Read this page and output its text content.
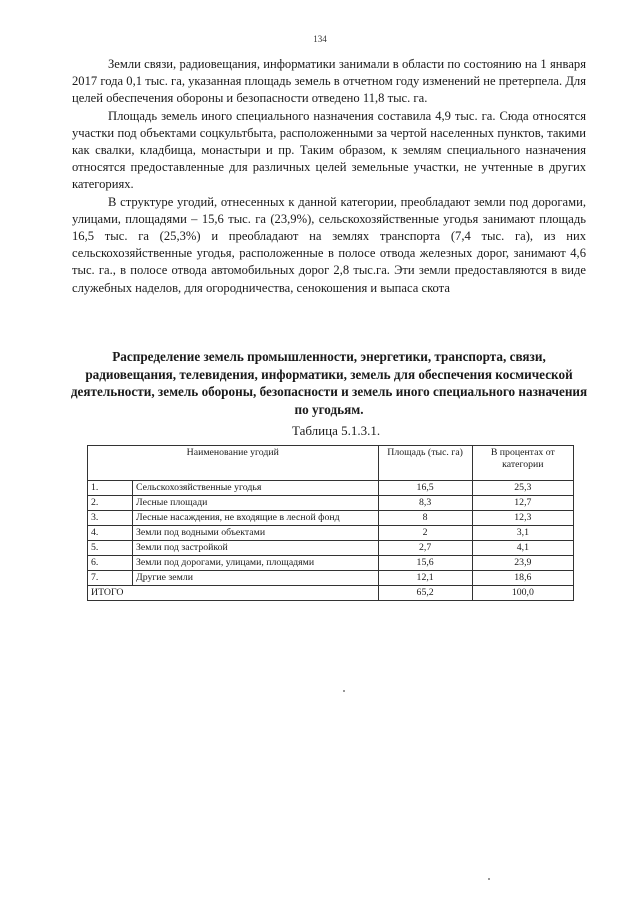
134

Земли связи, радиовещания, информатики занимали в области по состоянию на 1 января 2017 года 0,1 тыс. га, указанная площадь земель в отчетном году изменений не претерпела. Для целей обеспечения обороны и безопасности отведено 11,8 тыс. га.

Площадь земель иного специального назначения составила 4,9 тыс. га. Сюда относятся участки под объектами соцкультбыта, расположенными за чертой населенных пунктов, такими как свалки, кладбища, монастыри и пр. Таким образом, к землям специального назначения относятся предоставленные для различных целей земельные участки, не учтенные в других категориях.

В структуре угодий, отнесенных к данной категории, преобладают земли под дорогами, улицами, площадями – 15,6 тыс. га (23,9%), сельскохозяйственные угодья занимают площадь 16,5 тыс. га (25,3%) и преобладают на землях транспорта (7,4 тыс. га), из них сельскохозяйственные угодья, расположенные в полосе отвода железных дорог, занимают 4,6 тыс. га., в полосе отвода автомобильных дорог 2,8 тыс.га. Эти земли предоставляются в виде служебных наделов, для огородничества, сенокошения и выпаса скота

Распределение земель промышленности, энергетики, транспорта, связи, радиовещания, телевидения, информатики, земель для обеспечения космической деятельности, земель обороны, безопасности и земель иного специального назначения по угодьям.
Таблица 5.1.3.1.
Наименование угодий		Площадь (тыс. га)	В процентах от категории
1.	Сельскохозяйственные угодья	16,5	25,3
2.	Лесные площади	8,3	12,7
3.	Лесные насаждения, не входящие в лесной фонд	8	12,3
4.	Земли под водными объектами	2	3,1
5.	Земли под застройкой	2,7	4,1
6.	Земли под дорогами, улицами, площадями	15,6	23,9
7.	Другие земли	12,1	18,6
ИТОГО		65,2	100,0
